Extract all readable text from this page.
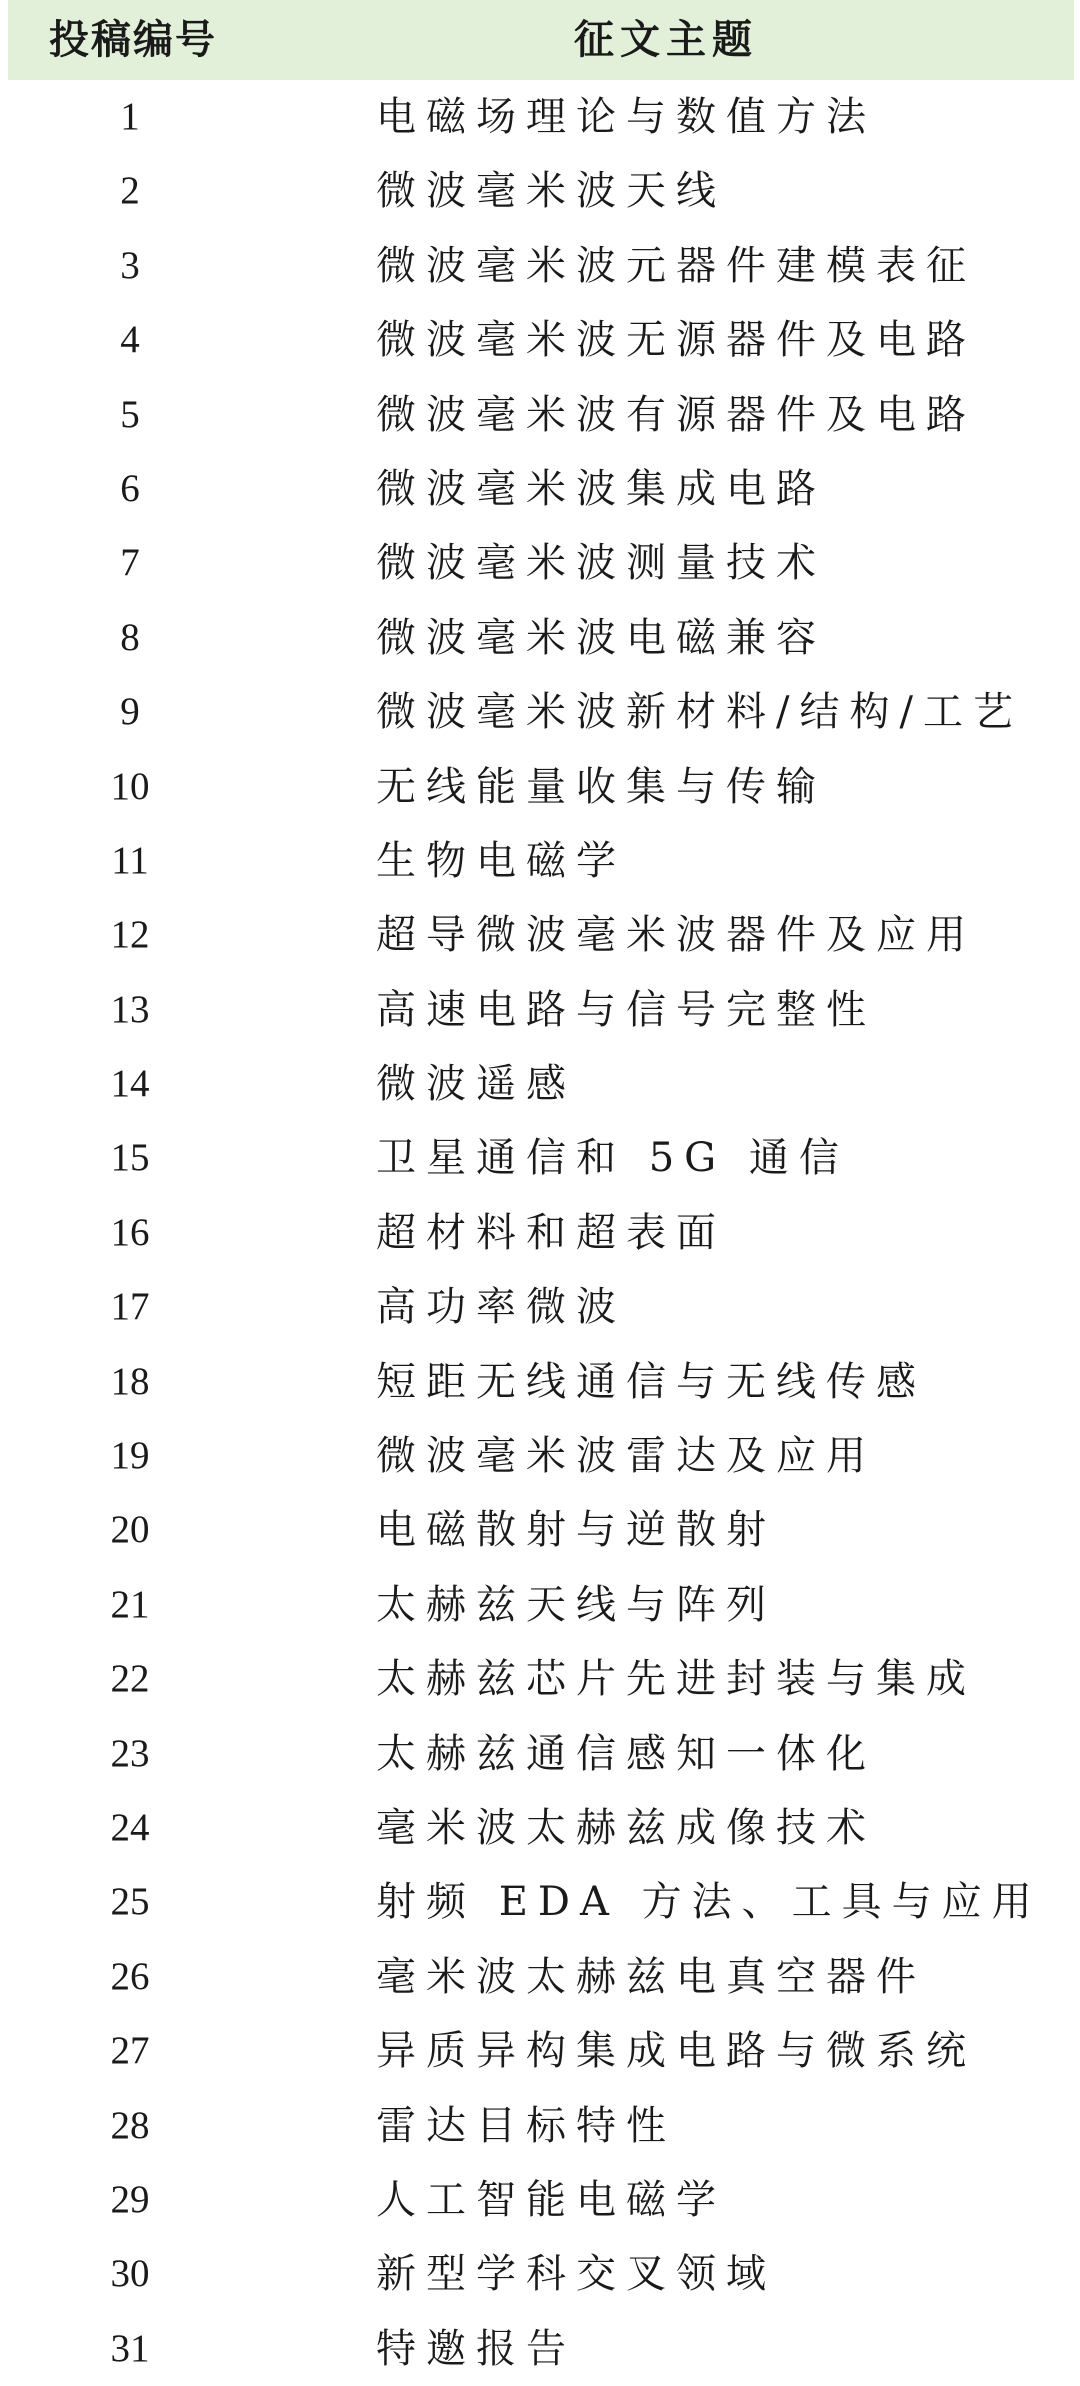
投稿编号	征文主题
1	电磁场理论与数值方法
2	微波毫米波天线
3	微波毫米波元器件建模表征
4	微波毫米波无源器件及电路
5	微波毫米波有源器件及电路
6	微波毫米波集成电路
7	微波毫米波测量技术
8	微波毫米波电磁兼容
9	微波毫米波新材料/结构/工艺
10	无线能量收集与传输
11	生物电磁学
12	超导微波毫米波器件及应用
13	高速电路与信号完整性
14	微波遥感
15	卫星通信和 5G 通信
16	超材料和超表面
17	高功率微波
18	短距无线通信与无线传感
19	微波毫米波雷达及应用
20	电磁散射与逆散射
21	太赫兹天线与阵列
22	太赫兹芯片先进封装与集成
23	太赫兹通信感知一体化
24	毫米波太赫兹成像技术
25	射频 EDA 方法、工具与应用
26	毫米波太赫兹电真空器件
27	异质异构集成电路与微系统
28	雷达目标特性
29	人工智能电磁学
30	新型学科交叉领域
31	特邀报告
